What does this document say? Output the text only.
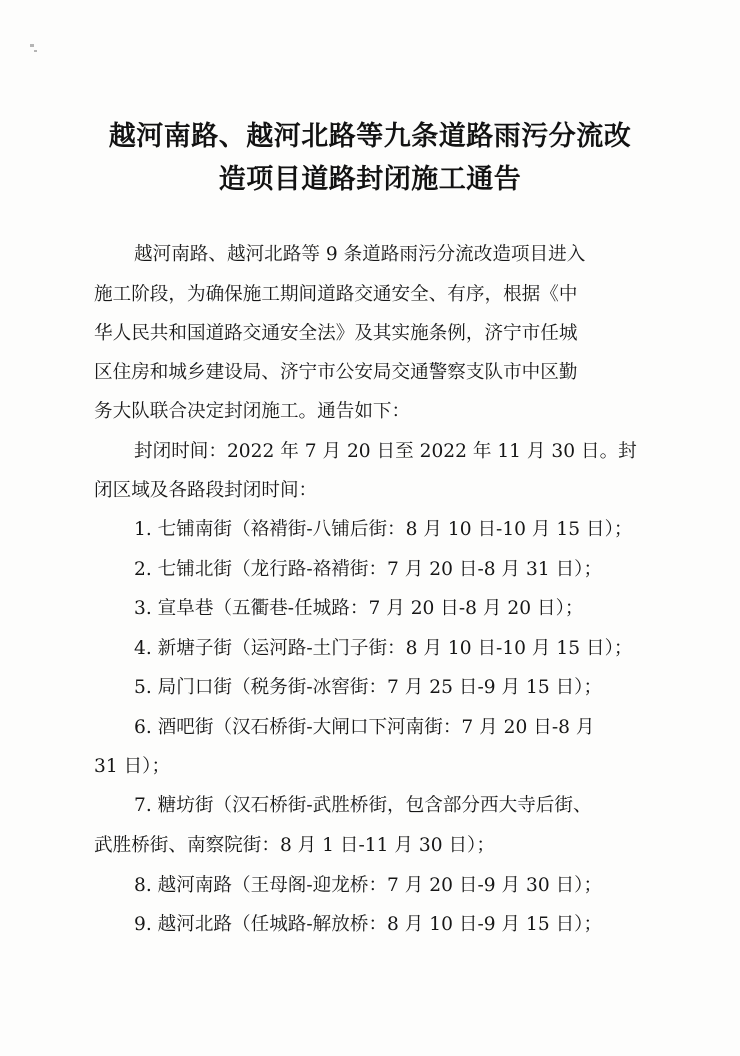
越河南路、越河北路等九条道路雨污分流改
造项目道路封闭施工通告
越河南路、越河北路等 9 条道路雨污分流改造项目进入
施工阶段，为确保施工期间道路交通安全、有序，根据《中
华人民共和国道路交通安全法》及其实施条例，济宁市任城
区住房和城乡建设局、济宁市公安局交通警察支队市中区勤
务大队联合决定封闭施工。通告如下：
封闭时间：2022 年 7 月 20 日至 2022 年 11 月 30 日。封
闭区域及各路段封闭时间：
1. 七铺南街（袼褙街-八铺后街：8 月 10 日-10 月 15 日）；
2. 七铺北街（龙行路-袼褙街：7 月 20 日-8 月 31 日）；
3. 宣阜巷（五衢巷-任城路：7 月 20 日-8 月 20 日）；
4. 新塘子街（运河路-土门子街：8 月 10 日-10 月 15 日）；
5. 局门口街（税务街-冰窖街：7 月 25 日-9 月 15 日）；
6. 酒吧街（汉石桥街-大闸口下河南街：7 月 20 日-8 月
31 日）；
7. 糖坊街（汉石桥街-武胜桥街，包含部分西大寺后街、
武胜桥街、南察院街：8 月 1 日-11 月 30 日）；
8. 越河南路（王母阁-迎龙桥：7 月 20 日-9 月 30 日）；
9. 越河北路（任城路-解放桥：8 月 10 日-9 月 15 日）；
